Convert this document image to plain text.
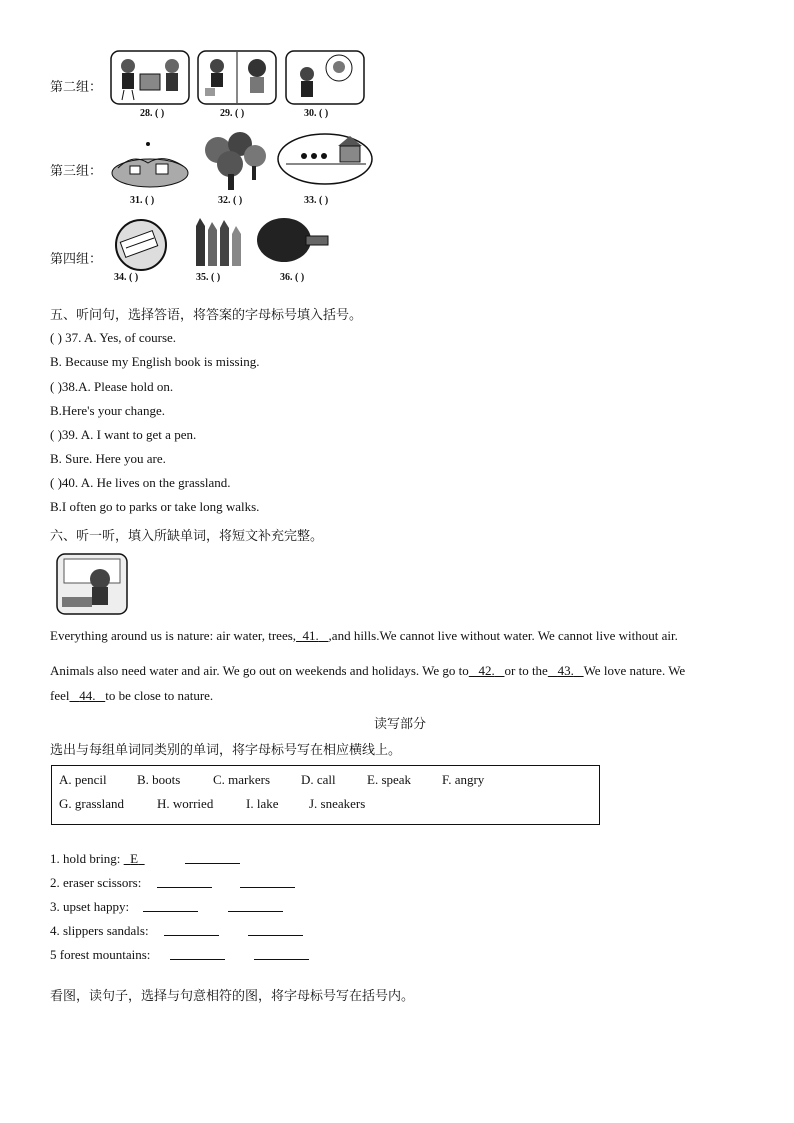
第二组：
第三组：
第四组：
28. ( )	29. ( )	30. ( )
31. ( )	32. ( )	33. ( )
34. ( )	35. ( )	36. ( )
五、听问句，选择答语，将答案的字母标号填入括号。
( ) 37. A. Yes, of course.
B. Because my English book is missing.
( )38.A. Please hold on.
B.Here's your change.
( )39. A. I want to get a pen.
B. Sure. Here you are.
( )40. A. He lives on the grassland.
B.I often go to parks or take long walks.
六、听一听，填入所缺单词，将短文补充完整。
Everything around us is nature: air water, trees, 41. ,and hills.We cannot live without water. We cannot live without air.
Animals also need water and air. We go out on weekends and holidays. We go to 42. or to the 43. We love nature. We
feel 44. to be close to nature.
读写部分
选出与每组单词同类别的单词，将字母标号写在相应横线上。
A. pencil B. boots	C. markers D. call E. speak F. angry
G. grassland	H. worried	I. lake J. sneakers
1. hold bring: E
2. eraser scissors:
3. upset happy:
4. slippers sandals:
5 forest mountains:
看图，读句子，选择与句意相符的图，将字母标号写在括号内。
